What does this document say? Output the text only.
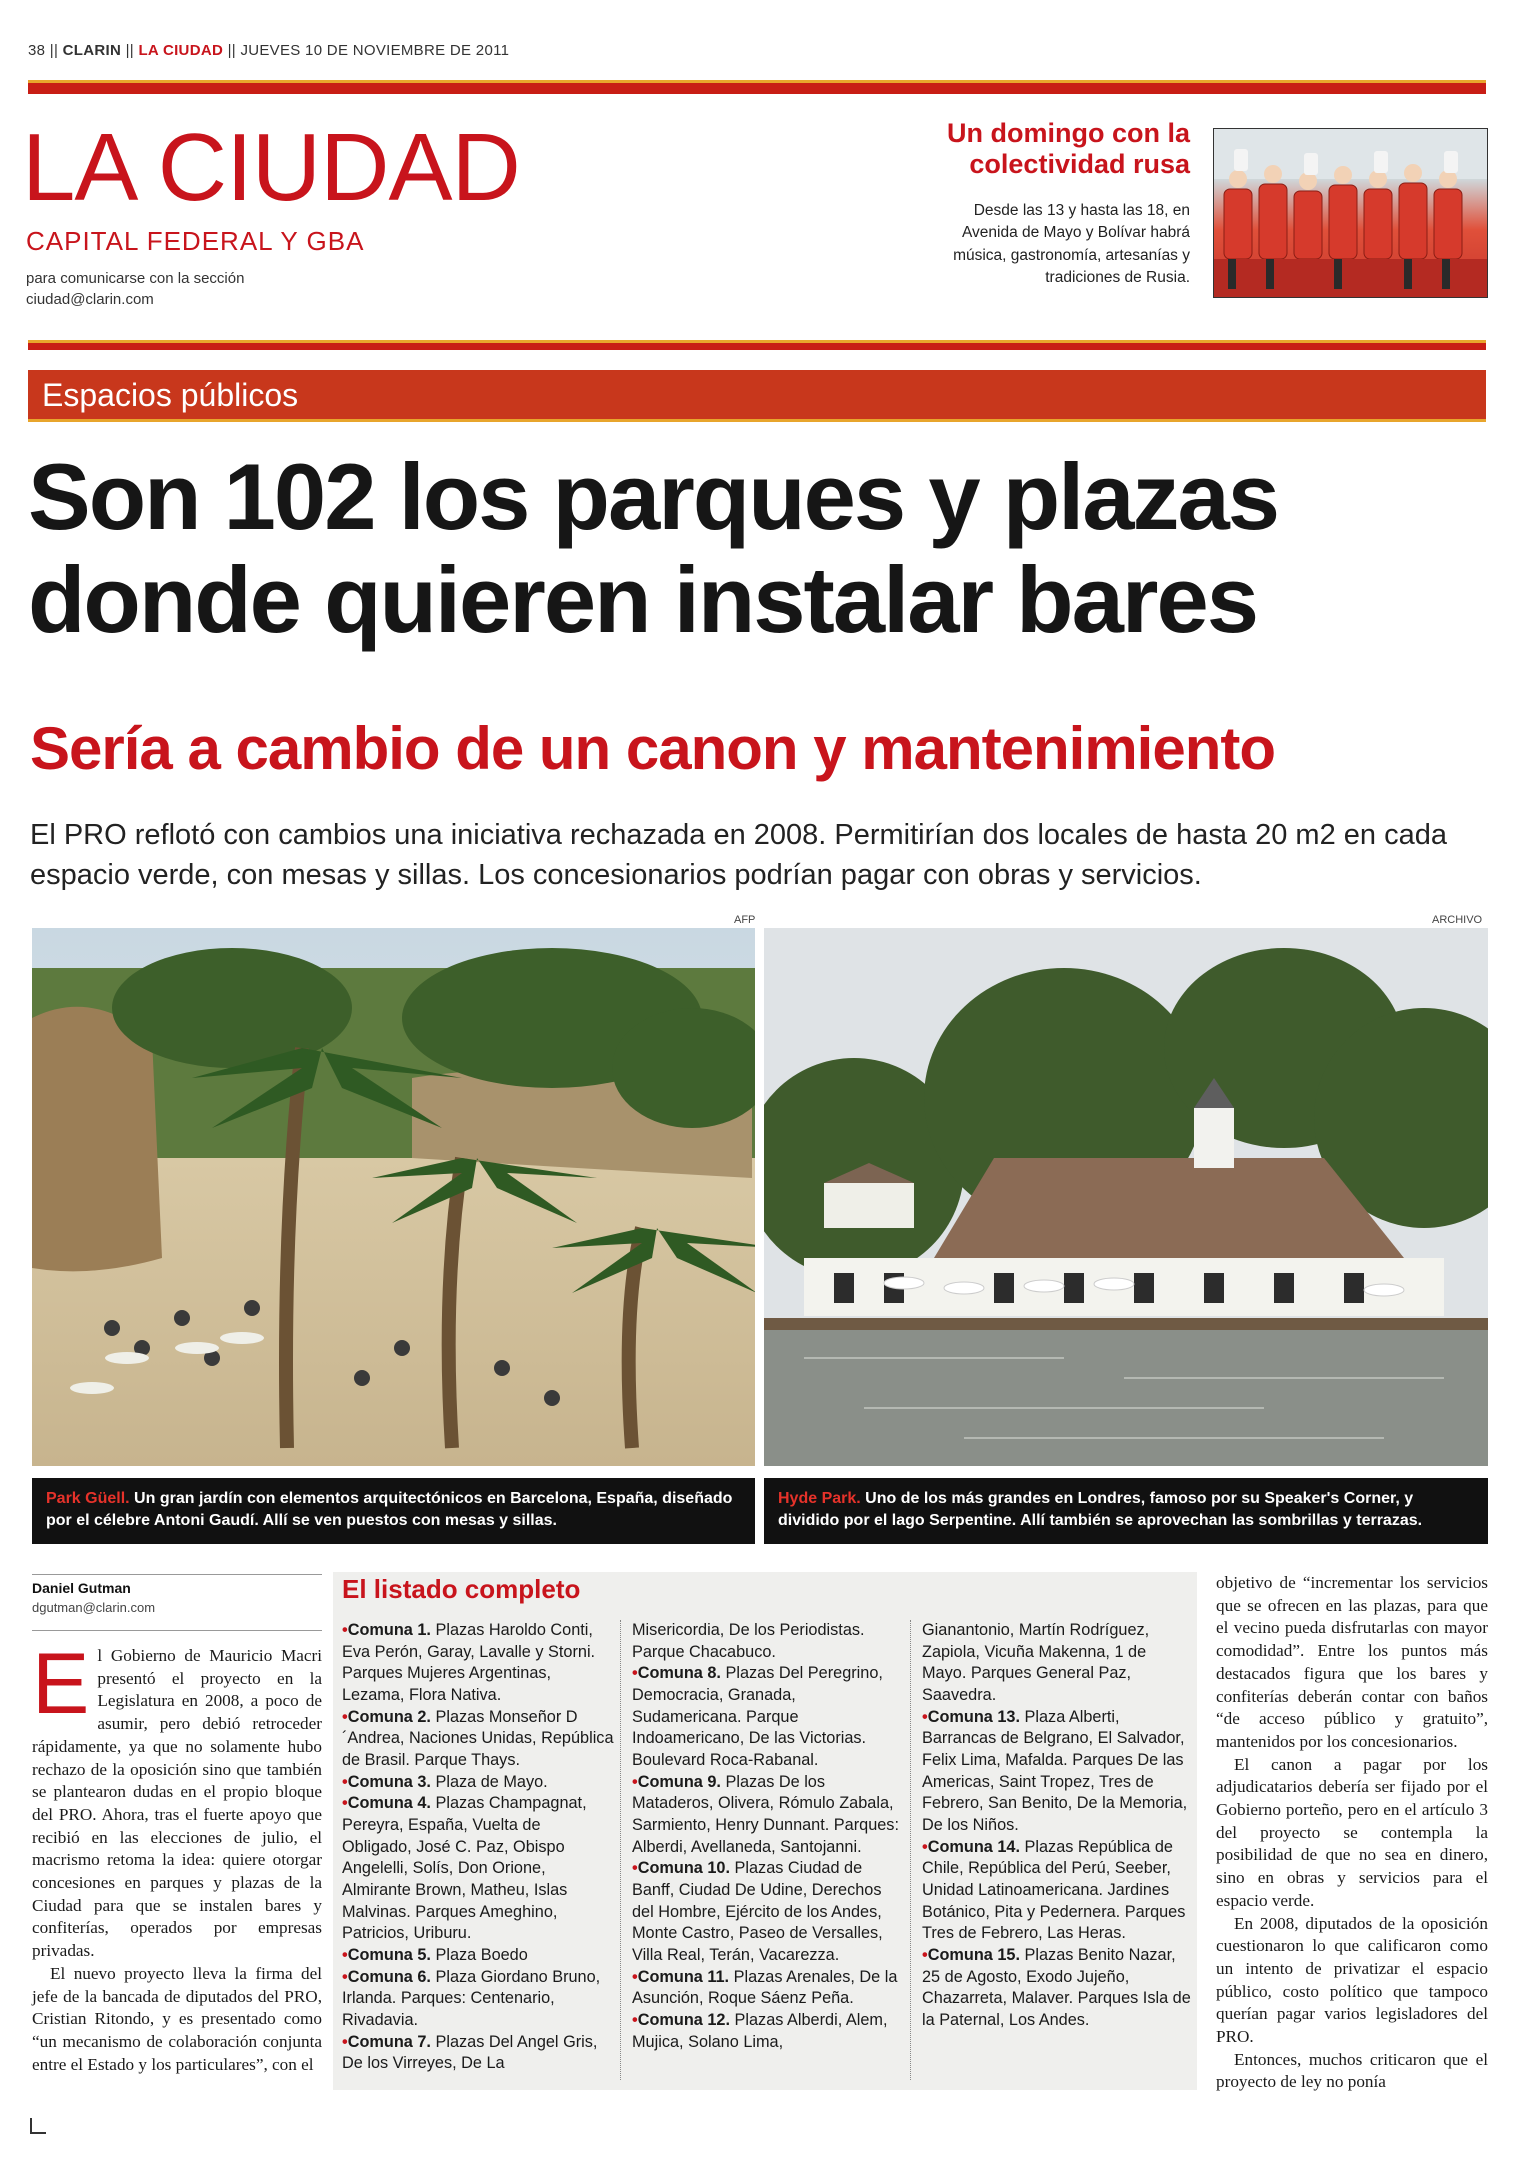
38 || CLARIN || LA CIUDAD || JUEVES 10 DE NOVIEMBRE DE 2011
LA CIUDAD
CAPITAL FEDERAL Y GBA
para comunicarse con la sección
ciudad@clarin.com
Un domingo con la colectividad rusa
Desde las 13 y hasta las 18, en Avenida de Mayo y Bolívar habrá música, gastronomía, artesanías y tradiciones de Rusia.
Espacios públicos
Son 102 los parques y plazas donde quieren instalar bares
Sería a cambio de un canon y mantenimiento
El PRO reflotó con cambios una iniciativa rechazada en 2008. Permitirían dos locales de hasta 20 m2 en cada espacio verde, con mesas y sillas. Los concesionarios podrían pagar con obras y servicios.
AFP	ARCHIVO
Park Güell. Un gran jardín con elementos arquitectónicos en Barcelona, España, diseñado por el célebre Antoni Gaudí. Allí se ven puestos con mesas y sillas.
Hyde Park. Uno de los más grandes en Londres, famoso por su Speaker's Corner, y dividido por el lago Serpentine. Allí también se aprovechan las sombrillas y terrazas.
Daniel Gutman
dgutman@clarin.com
E l Gobierno de Mauricio Macri presentó el proyecto en la Legislatura en 2008, a poco de asumir, pero debió retroceder rápidamente, ya que no solamente hubo rechazo de la oposición sino que también se plantearon dudas en el propio bloque del PRO. Ahora, tras el fuerte apoyo que recibió en las elecciones de julio, el macrismo retoma la idea: quiere otorgar concesiones en parques y plazas de la Ciudad para que se instalen bares y confiterías, operados por empresas privadas.

El nuevo proyecto lleva la firma del jefe de la bancada de diputados del PRO, Cristian Ritondo, y es presentado como “un mecanismo de colaboración conjunta entre el Estado y los particulares”, con el

El listado completo
• Comuna 1. Plazas Haroldo Conti, Eva Perón, Garay, Lavalle y Storni. Parques Mujeres Argentinas, Lezama, Flora Nativa.
• Comuna 2. Plazas Monseñor D´Andrea, Naciones Unidas, República de Brasil. Parque Thays.
• Comuna 3. Plaza de Mayo.
• Comuna 4. Plazas Champagnat, Pereyra, España, Vuelta de Obligado, José C. Paz, Obispo Angelelli, Solís, Don Orione, Almirante Brown, Matheu, Islas Malvinas. Parques Ameghino, Patricios, Uriburu.
• Comuna 5. Plaza Boedo
• Comuna 6. Plaza Giordano Bruno, Irlanda. Parques: Centenario, Rivadavia.
• Comuna 7. Plazas Del Angel Gris, De los Virreyes, De La
Misericordia, De los Periodistas. Parque Chacabuco.
• Comuna 8. Plazas Del Peregrino, Democracia, Granada, Sudamericana. Parque Indoamericano, De las Victorias. Boulevard Roca-Rabanal.
• Comuna 9. Plazas De los Mataderos, Olivera, Rómulo Zabala, Sarmiento, Henry Dunnant. Parques: Alberdi, Avellaneda, Santojanni.
• Comuna 10. Plazas Ciudad de Banff, Ciudad De Udine, Derechos del Hombre, Ejército de los Andes, Monte Castro, Paseo de Versalles, Villa Real, Terán, Vacarezza.
• Comuna 11. Plazas Arenales, De la Asunción, Roque Sáenz Peña.
• Comuna 12. Plazas Alberdi, Alem, Mujica, Solano Lima,
Gianantonio, Martín Rodríguez, Zapiola, Vicuña Makenna, 1 de Mayo. Parques General Paz, Saavedra.
• Comuna 13. Plaza Alberti, Barrancas de Belgrano, El Salvador, Felix Lima, Mafalda. Parques De las Americas, Saint Tropez, Tres de Febrero, San Benito, De la Memoria, De los Niños.
• Comuna 14. Plazas República de Chile, República del Perú, Seeber, Unidad Latinoamericana. Jardines Botánico, Pita y Pedernera. Parques Tres de Febrero, Las Heras.
• Comuna 15. Plazas Benito Nazar, 25 de Agosto, Exodo Jujeño, Chazarreta, Malaver. Parques Isla de la Paternal, Los Andes.

objetivo de “incrementar los servicios que se ofrecen en las plazas, para que el vecino pueda disfrutarlas con mayor comodidad”. Entre los puntos más destacados figura que los bares y confiterías deberán contar con baños “de acceso público y gratuito”, mantenidos por los concesionarios.

El canon a pagar por los adjudicatarios debería ser fijado por el Gobierno porteño, pero en el artículo 3 del proyecto se contempla la posibilidad de que no sea en dinero, sino en obras y servicios para el espacio verde.

En 2008, diputados de la oposición cuestionaron lo que calificaron como un intento de privatizar el espacio público, costo político que tampoco querían pagar varios legisladores del PRO.

Entonces, muchos criticaron que el proyecto de ley no ponía
